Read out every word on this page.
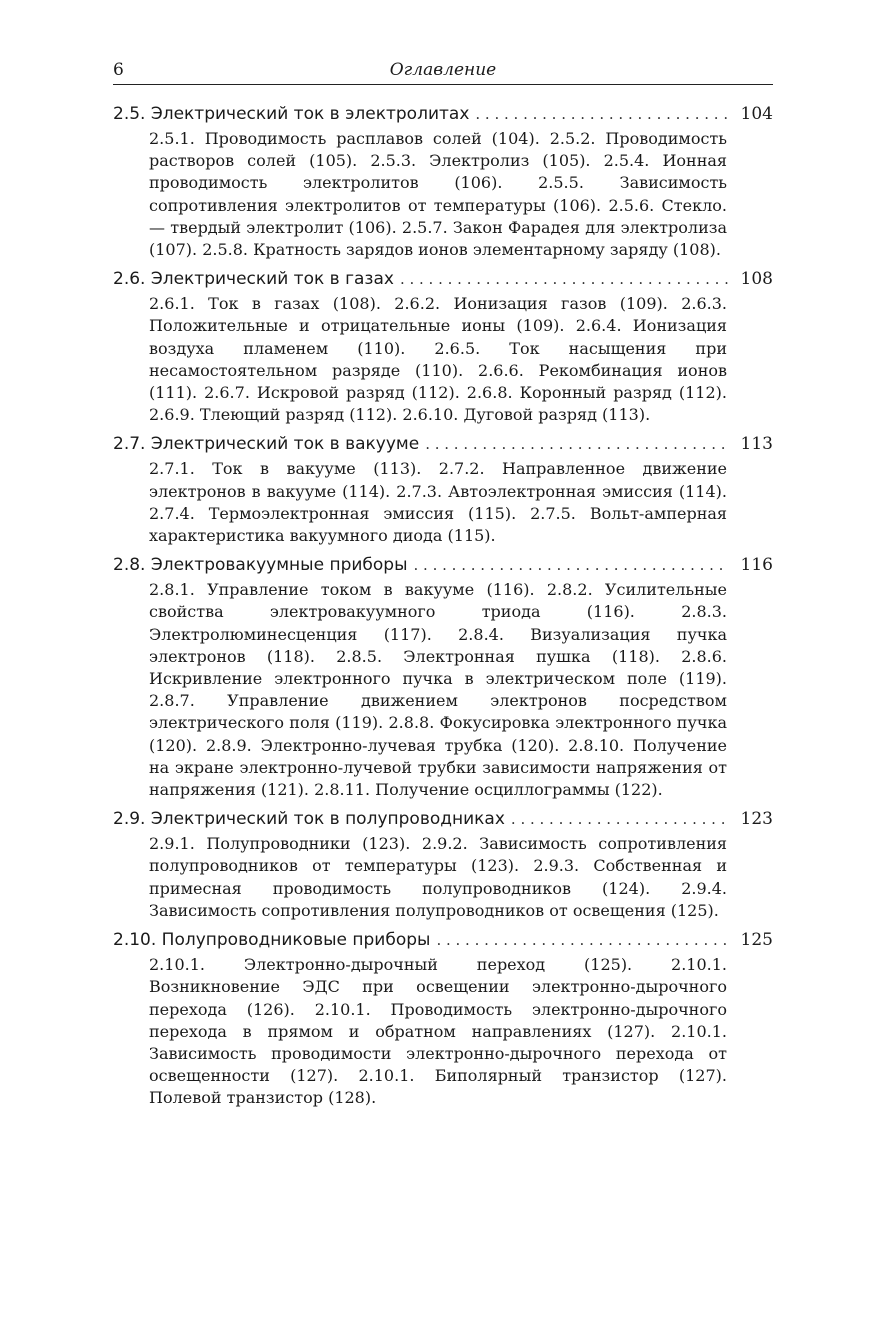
6	Оглавление
2.5. Электрический ток в электролитах . . .	104
2.5.1. Проводимость расплавов солей (104). 2.5.2. Проводимость растворов солей (105). 2.5.3. Электролиз (105). 2.5.4. Ионная проводимость электролитов (106). 2.5.5. Зависимость сопротивления электролитов от температуры (106). 2.5.6. Стекло. — твердый электролит (106). 2.5.7. Закон Фарадея для электролиза (107). 2.5.8. Кратность зарядов ионов элементарному заряду (108).
2.6. Электрический ток в газах . . .	108
2.6.1. Ток в газах (108). 2.6.2. Ионизация газов (109). 2.6.3. Положительные и отрицательные ионы (109). 2.6.4. Ионизация воздуха пламенем (110). 2.6.5. Ток насыщения при несамостоятельном разряде (110). 2.6.6. Рекомбинация ионов (111). 2.6.7. Искровой разряд (112). 2.6.8. Коронный разряд (112). 2.6.9. Тлеющий разряд (112). 2.6.10. Дуговой разряд (113).
2.7. Электрический ток в вакууме . . .	113
2.7.1. Ток в вакууме (113). 2.7.2. Направленное движение электронов в вакууме (114). 2.7.3. Автоэлектронная эмиссия (114). 2.7.4. Термоэлектронная эмиссия (115). 2.7.5. Вольт-амперная характеристика вакуумного диода (115).
2.8. Электровакуумные приборы . . .	116
2.8.1. Управление током в вакууме (116). 2.8.2. Усилительные свойства электровакуумного триода (116). 2.8.3. Электролюминесценция (117). 2.8.4. Визуализация пучка электронов (118). 2.8.5. Электронная пушка (118). 2.8.6. Искривление электронного пучка в электрическом поле (119). 2.8.7. Управление движением электронов посредством электрического поля (119). 2.8.8. Фокусировка электронного пучка (120). 2.8.9. Электронно-лучевая трубка (120). 2.8.10. Получение на экране электронно-лучевой трубки зависимости напряжения от напряжения (121). 2.8.11. Получение осциллограммы (122).
2.9. Электрический ток в полупроводниках . . .	123
2.9.1. Полупроводники (123). 2.9.2. Зависимость сопротивления полупроводников от температуры (123). 2.9.3. Собственная и примесная проводимость полупроводников (124). 2.9.4. Зависимость сопротивления полупроводников от освещения (125).
2.10. Полупроводниковые приборы . . .	125
2.10.1. Электронно-дырочный переход (125). 2.10.1. Возникновение ЭДС при освещении электронно-дырочного перехода (126). 2.10.1. Проводимость электронно-дырочного перехода в прямом и обратном направлениях (127). 2.10.1. Зависимость проводимости электронно-дырочного перехода от освещенности (127). 2.10.1. Биполярный транзистор (127). Полевой транзистор (128).
